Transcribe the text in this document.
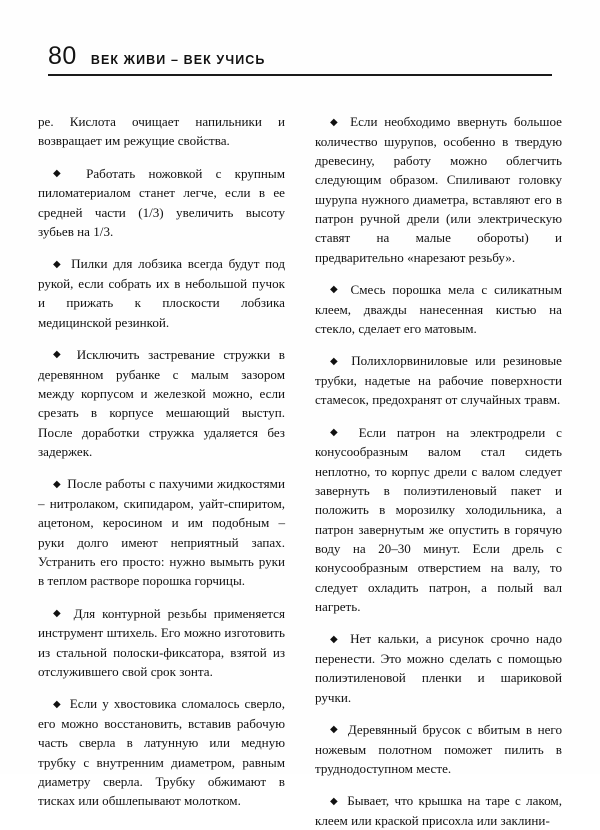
80 ВЕК ЖИВИ – ВЕК УЧИСЬ

ре. Кислота очищает напильники и возвращает им режущие свойства.

◆ Работать ножовкой с крупным пиломатериалом станет легче, если в ее средней части (1/3) увеличить высоту зубьев на 1/3.

◆ Пилки для лобзика всегда будут под рукой, если собрать их в небольшой пучок и прижать к плоскости лобзика медицинской резинкой.

◆ Исключить застревание стружки в деревянном рубанке с малым зазором между корпусом и железкой можно, если срезать в корпусе мешающий выступ. После доработки стружка удаляется без задержек.

◆ После работы с пахучими жидкостями – нитролаком, скипидаром, уайт-спиритом, ацетоном, керосином и им подобным – руки долго имеют неприятный запах. Устранить его просто: нужно вымыть руки в теплом растворе порошка горчицы.

◆ Для контурной резьбы применяется инструмент штихель. Его можно изготовить из стальной полоски-фиксатора, взятой из отслужившего свой срок зонта.

◆ Если у хвостовика сломалось сверло, его можно восстановить, вставив рабочую часть сверла в латунную или медную трубку с внутренним диаметром, равным диаметру сверла. Трубку обжимают в тисках или обшлепывают молотком.

◆ Если необходимо ввернуть большое количество шурупов, особенно в твердую древесину, работу можно облегчить следующим образом. Спиливают головку шурупа нужного диаметра, вставляют его в патрон ручной дрели (или электрическую ставят на малые обороты) и предварительно «нарезают резьбу».

◆ Смесь порошка мела с силикатным клеем, дважды нанесенная кистью на стекло, сделает его матовым.

◆ Полихлорвиниловые или резиновые трубки, надетые на рабочие поверхности стамесок, предохранят от случайных травм.

◆ Если патрон на электродрели с конусообразным валом стал сидеть неплотно, то корпус дрели с валом следует завернуть в полиэтиленовый пакет и положить в морозилку холодильника, а патрон завернутым же опустить в горячую воду на 20–30 минут. Если дрель с конусообразным отверстием на валу, то следует охладить патрон, а полый вал нагреть.

◆ Нет кальки, а рисунок срочно надо перенести. Это можно сделать с помощью полиэтиленовой пленки и шариковой ручки.

◆ Деревянный брусок с вбитым в него ножевым полотном поможет пилить в труднодоступном месте.

◆ Бывает, что крышка на таре с лаком, клеем или краской присохла или заклини-
